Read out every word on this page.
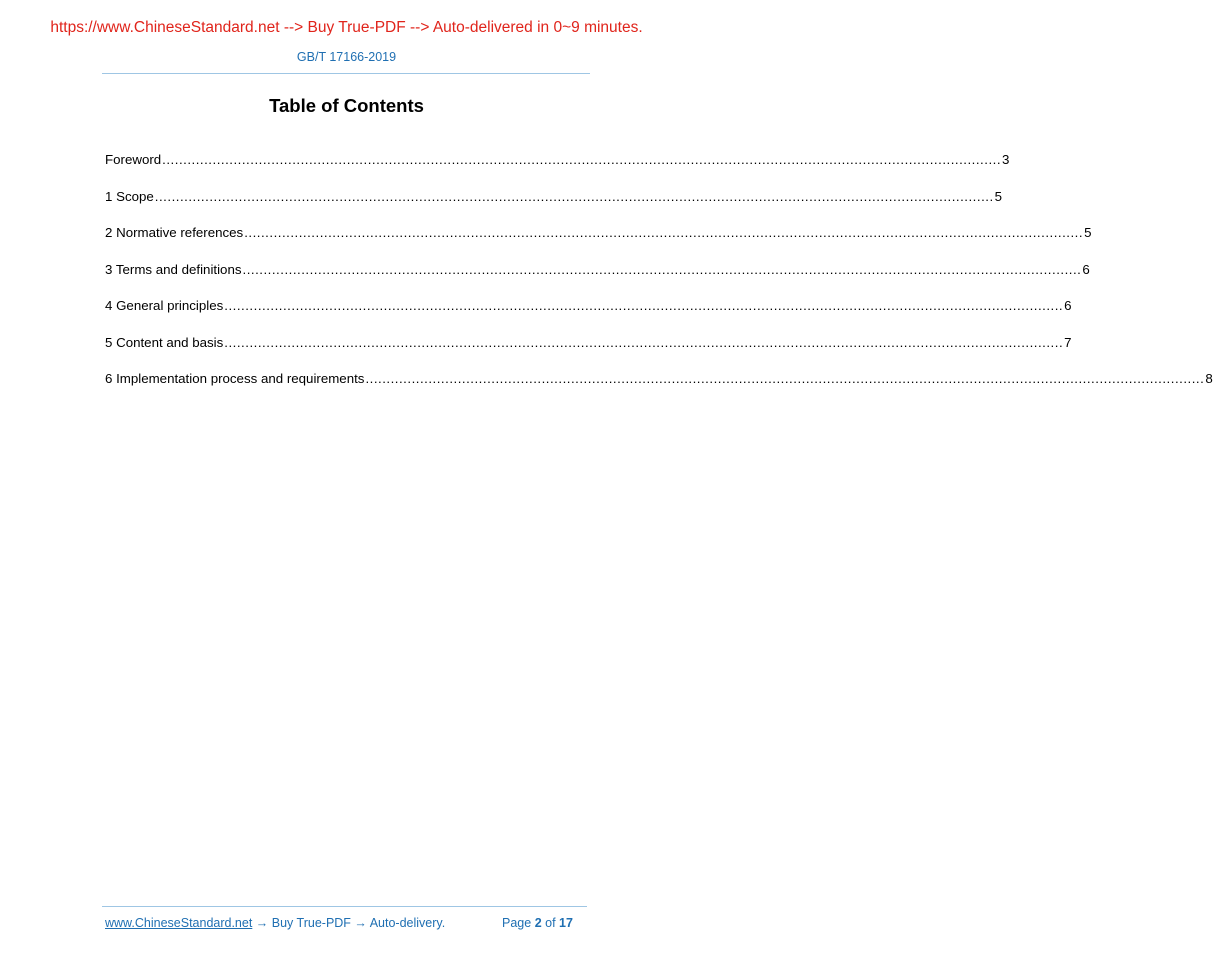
https://www.ChineseStandard.net --> Buy True-PDF --> Auto-delivered in 0~9 minutes.
GB/T 17166-2019
Table of Contents
Foreword ........................................................................................................................................................................................................ 3
1 Scope ........................................................................................................................................................................................................ 5
2 Normative references ........................................................................................................................................................................................................ 5
3 Terms and definitions ........................................................................................................................................................................................................ 6
4 General principles ........................................................................................................................................................................................................ 6
5 Content and basis ........................................................................................................................................................................................................ 7
6 Implementation process and requirements ........................................................................................................................................................................................................ 8
www.ChineseStandard.net → Buy True-PDF → Auto-delivery.	Page 2 of 17
